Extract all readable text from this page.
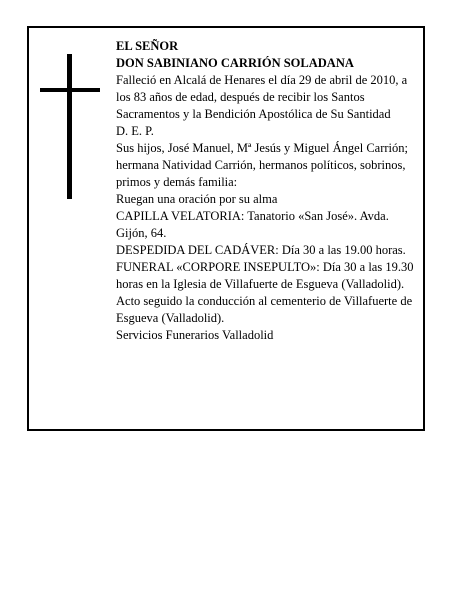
EL SEÑOR

DON SABINIANO CARRIÓN SOLADANA

Falleció en Alcalá de Henares el día 29 de abril de 2010, a los 83 años de edad, después de recibir los Santos Sacramentos y la Bendición Apostólica de Su Santidad

D. E. P.

Sus hijos, José Manuel, Mª Jesús y Miguel Ángel Carrión; hermana Natividad Carrión, hermanos políticos, sobrinos, primos y demás familia:

Ruegan una oración por su alma

CAPILLA VELATORIA: Tanatorio «San José». Avda. Gijón, 64.

DESPEDIDA DEL CADÁVER: Día 30 a las 19.00 horas.

FUNERAL «CORPORE INSEPULTO»: Día 30 a las 19.30 horas en la Iglesia de Villafuerte de Esgueva (Valladolid). Acto seguido la conducción al cementerio de Villafuerte de Esgueva (Valladolid).

Servicios Funerarios Valladolid
